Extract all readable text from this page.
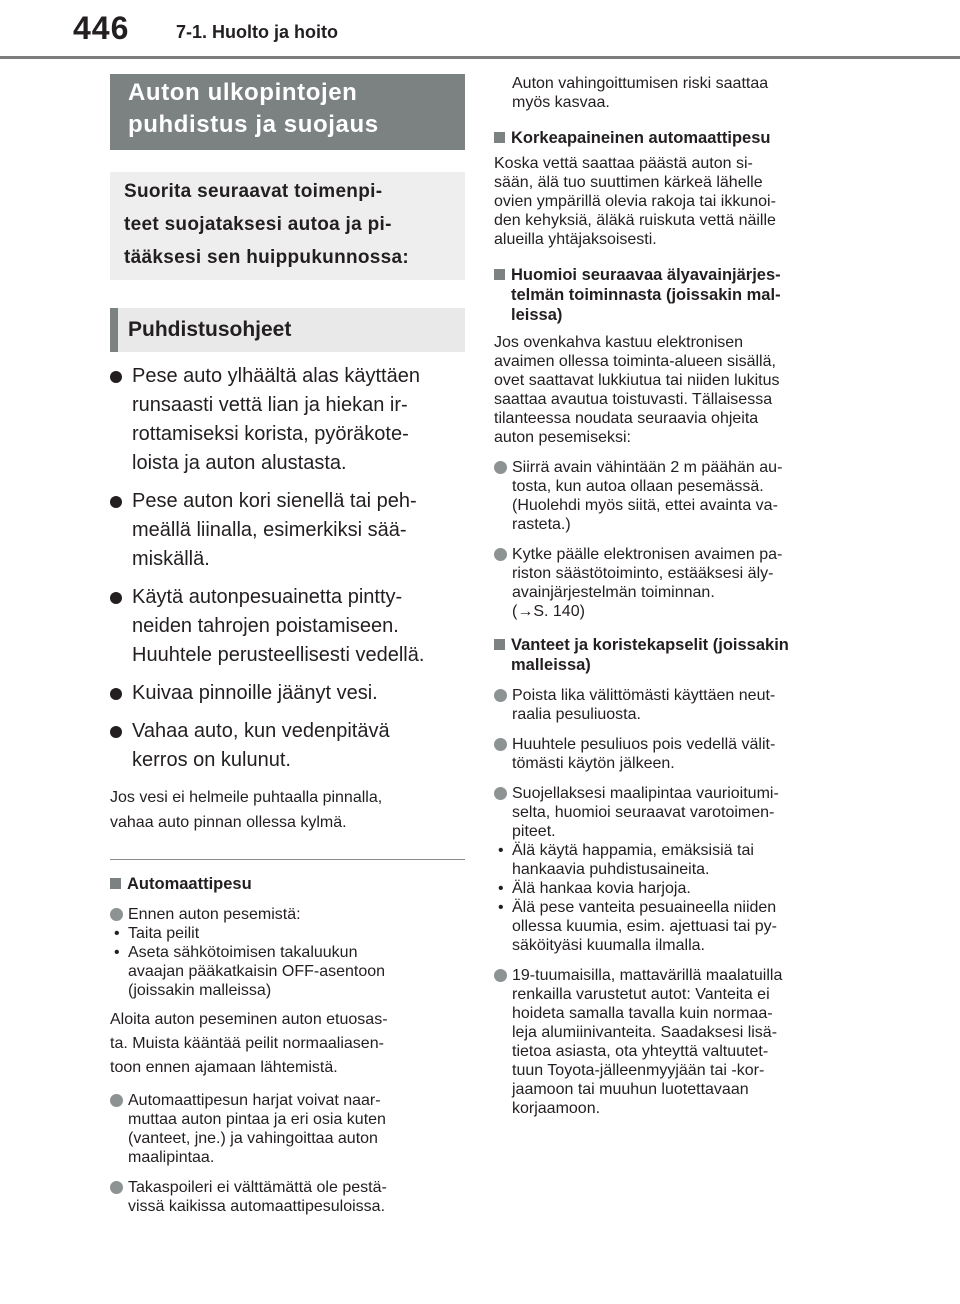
446	7-1. Huolto ja hoito
Auton ulkopintojen
puhdistus ja suojaus
Suorita seuraavat toimenpi-
teet suojataksesi autoa ja pi-
tääksesi sen huippukunnossa:
Puhdistusohjeet
Pese auto ylhäältä alas käyttäen
runsaasti vettä lian ja hiekan ir-
rottamiseksi korista, pyöräkote-
loista ja auton alustasta.
Pese auton kori sienellä tai peh-
meällä liinalla, esimerkiksi sää-
miskällä.
Käytä autonpesuainetta pintty-
neiden tahrojen poistamiseen.
Huuhtele perusteellisesti vedellä.
Kuivaa pinnoille jäänyt vesi.
Vahaa auto, kun vedenpitävä
kerros on kulunut.
Jos vesi ei helmeile puhtaalla pinnalla,
vahaa auto pinnan ollessa kylmä.
Automaattipesu
Ennen auton pesemistä:
• Taita peilit
• Aseta sähkötoimisen takaluukun
avaajan pääkatkaisin OFF-asentoon
(joissakin malleissa)
Aloita auton peseminen auton etuosas-
ta. Muista kääntää peilit normaaliasen-
toon ennen ajamaan lähtemistä.
Automaattipesun harjat voivat naar-
muttaa auton pintaa ja eri osia kuten
(vanteet, jne.) ja vahingoittaa auton
maalipintaa.
Takaspoileri ei välttämättä ole pestä-
vissä kaikissa automaattipesuloissa.
Auton vahingoittumisen riski saattaa
myös kasvaa.
Korkeapaineinen automaattipesu
Koska vettä saattaa päästä auton si-
sään, älä tuo suuttimen kärkeä lähelle
ovien ympärillä olevia rakoja tai ikkunoi-
den kehyksiä, äläkä ruiskuta vettä näille
alueilla yhtäjaksoisesti.
Huomioi seuraavaa älyavainjärjes-
telmän toiminnasta (joissakin mal-
leissa)
Jos ovenkahva kastuu elektronisen
avaimen ollessa toiminta-alueen sisällä,
ovet saattavat lukkiutua tai niiden lukitus
saattaa avautua toistuvasti. Tällaisessa
tilanteessa noudata seuraavia ohjeita
auton pesemiseksi:
Siirrä avain vähintään 2 m päähän au-
tosta, kun autoa ollaan pesemässä.
(Huolehdi myös siitä, ettei avainta va-
rasteta.)
Kytke päälle elektronisen avaimen pa-
riston säästötoiminto, estääksesi äly-
avainjärjestelmän toiminnan.
(→S. 140)
Vanteet ja koristekapselit (joissakin
malleissa)
Poista lika välittömästi käyttäen neut-
raalia pesuliuosta.
Huuhtele pesuliuos pois vedellä välit-
tömästi käytön jälkeen.
Suojellaksesi maalipintaa vaurioitumi-
selta, huomioi seuraavat varotoimen-
piteet.
• Älä käytä happamia, emäksisiä tai
hankaavia puhdistusaineita.
• Älä hankaa kovia harjoja.
• Älä pese vanteita pesuaineella niiden
ollessa kuumia, esim. ajettuasi tai py-
säköityäsi kuumalla ilmalla.
19-tuumaisilla, mattavärillä maalatuilla
renkailla varustetut autot: Vanteita ei
hoideta samalla tavalla kuin normaa-
leja alumiinivanteita. Saadaksesi lisä-
tietoa asiasta, ota yhteyttä valtuutet-
tuun Toyota-jälleenmyyjään tai -kor-
jaamoon tai muuhun luotettavaan
korjaamoon.
